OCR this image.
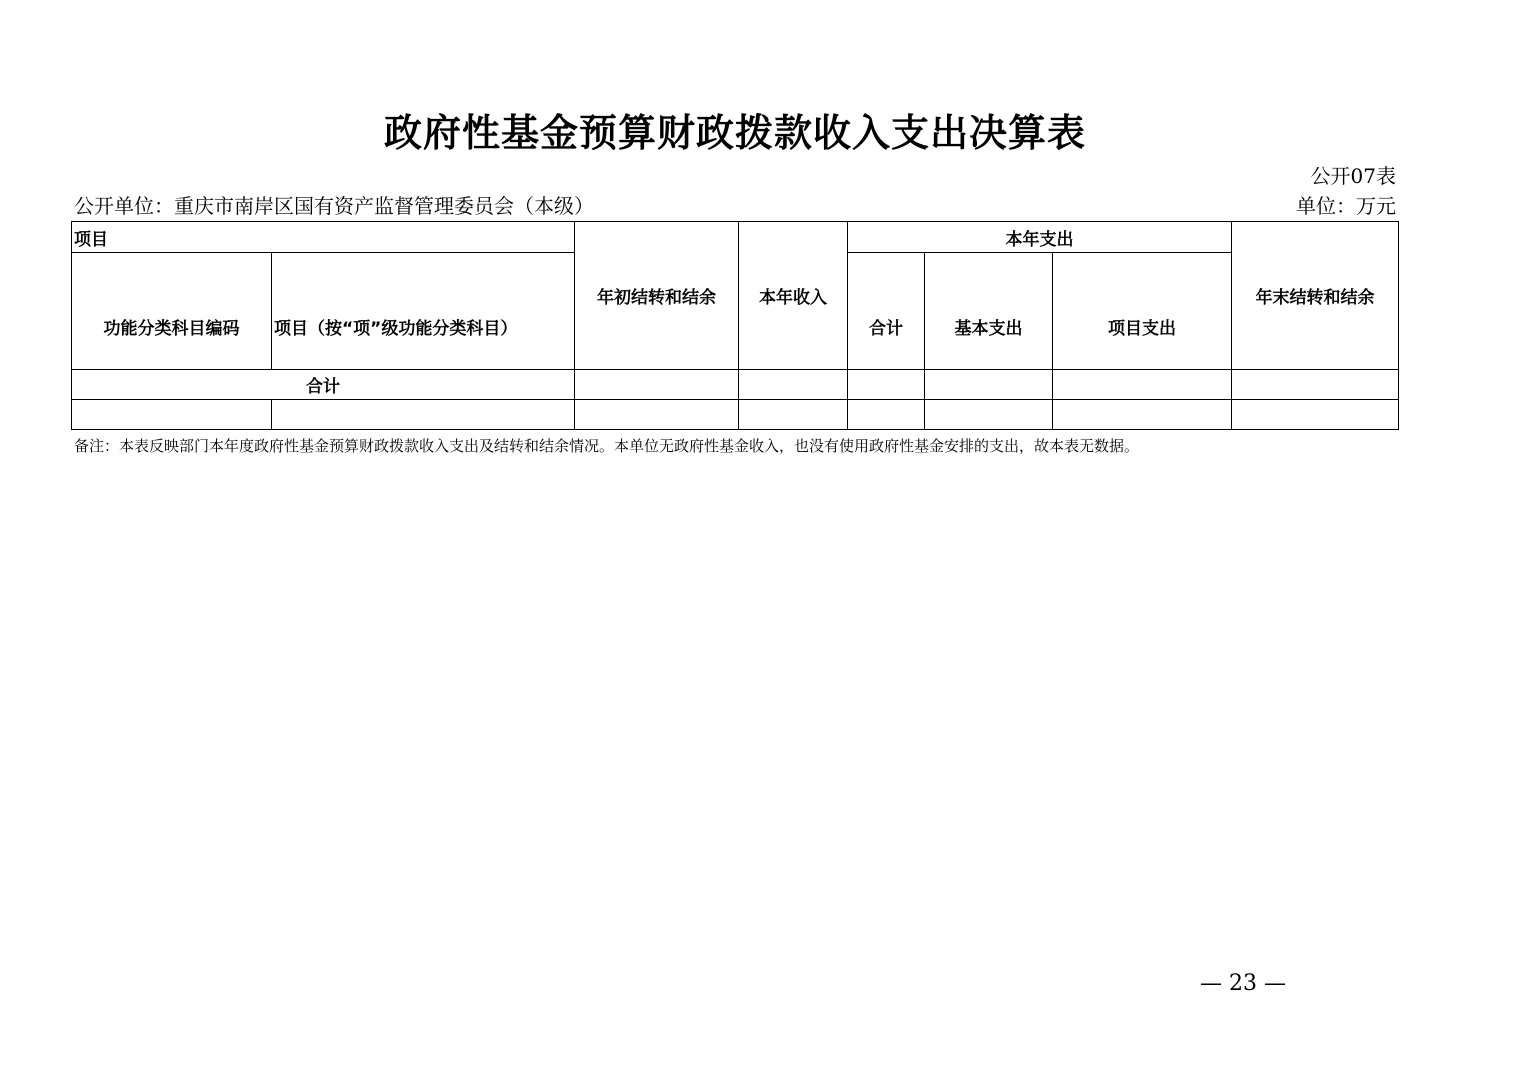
政府性基金预算财政拨款收入支出决算表
公开07表
公开单位：重庆市南岸区国有资产监督管理委员会（本级）	单位：万元
项目		年初结转和结余	本年收入	本年支出			年末结转和结余
功能分类科目编码	项目（按“项”级功能分类科目）			合计	基本支出	项目支出	
合计							

备注：本表反映部门本年度政府性基金预算财政拨款收入支出及结转和结余情况。本单位无政府性基金收入，也没有使用政府性基金安排的支出，故本表无数据。
— 23 —
